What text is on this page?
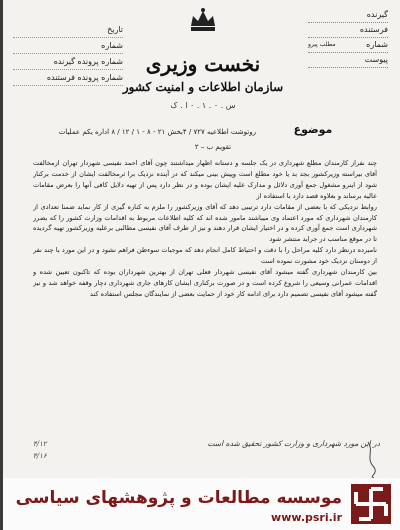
گیرنده
فرستنده
شماره
مطلب پیرو
پیوست
تاریخ
شماره
شماره پرونده گیرنده
شماره پرونده فرستنده
نخست وزیری
سازمان اطلاعات و امنیت کشور
س . ۰ . ۱ . ۰ ا . ک
موضوع
روتوشت اطلاعیه ۷۲۷ / ۴بخش ۲۱ - ۸ - ۱ / ۱۲ / ۸ اداره یکم عملیات
تقویم ب – ۲

چند نفراز کارمندان مطلع شهرداری در یک جلسه و دستانه اظهار میداشتند چون آقای احمد نفیسی شهردار تهران ازمخالفت آقای بیراسته وزیرکشور بجد بد یا خود مطلع است وپیش بینی میکند که در آینده نزدیک برا ثرمخالفت ایشان از خدمت برکنار شود از اینرو مشغول جمع آوری دلائل و مدارک علیه ایشان بوده و در نظر دارد پس از تهیه دلایل کافی آنها را بعرض مقامات عالیه برساند و بعلاوه قصد دارد با استفاده از

روابط نزدیکی که با بعضی از مقامات دارد ترتیبی دهد که آقای وزیرکشور را ملزم به کناره گیری از کار نماید ضمنا تعدادی از کارمندان شهرداری که مورد اعتماد وی میباشند مامور شده اند که کلیه اطلاعات مربوط به اقدامات وزارت کشور را که بضرر شهرداری است جمع آوری کرده و در اختیار ایشان قرار دهند و نیز از طرف آقای نفیسی مطالبی برعلیه وزیرکشور تهیه گردیده تا در موقع مناسب در جراید منتشر شود

نامبرده درنظر دارد کلیه مراحل را با دقت و احتیاط کامل انجام دهد که موجبات سوءظن فراهم نشود و در این مورد با چند نفر از دوستان نزدیک خود مشورت نموده است

بین کارمندان شهرداری گفته میشود آقای نفیسی شهردار فعلی تهران از بهترین شهرداران بوده که تاکنون تعیین شده و اقدامات عمرانی وسیعی را شروع کرده است و در صورت برکناری ایشان کارهای جاری شهرداری دچار وقفه خواهد شد و نیز گفته میشود آقای نفیسی تصمیم دارد برای ادامه کار خود از حمایت بعضی از نمایندگان مجلس استفاده کند

در این مورد شهرداری و وزارت کشور تحقیق شده است
۴/۱۲
۴/۱۶
موسسه مطالعات و پژوهشهای سیاسی
www.psri.ir
